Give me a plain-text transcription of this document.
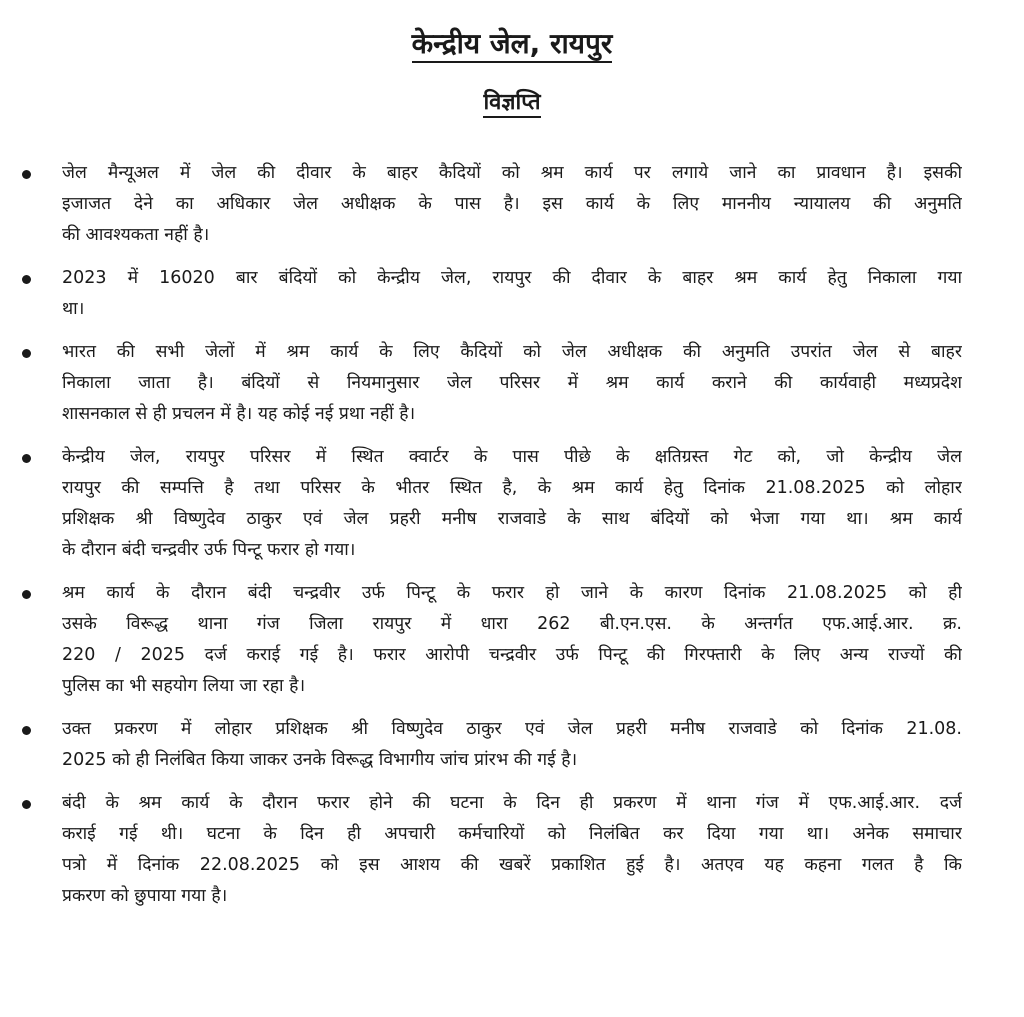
केन्द्रीय जेल, रायपुर
विज्ञप्ति
जेल मैन्यूअल में जेल की दीवार के बाहर कैदियों को श्रम कार्य पर लगाये जाने का प्रावधान है। इसकी
इजाजत देने का अधिकार जेल अधीक्षक के पास है। इस कार्य के लिए माननीय न्यायालय की अनुमति
की आवश्यकता नहीं है।
2023 में 16020 बार बंदियों को केन्द्रीय जेल, रायपुर की दीवार के बाहर श्रम कार्य हेतु निकाला गया
था।
भारत की सभी जेलों में श्रम कार्य के लिए कैदियों को जेल अधीक्षक की अनुमति उपरांत जेल से बाहर
निकाला जाता है। बंदियों से नियमानुसार जेल परिसर में श्रम कार्य कराने की कार्यवाही मध्यप्रदेश
शासनकाल से ही प्रचलन में है। यह कोई नई प्रथा नहीं है।
केन्द्रीय जेल, रायपुर परिसर में स्थित क्वार्टर के पास पीछे के क्षतिग्रस्त गेट को, जो केन्द्रीय जेल
रायपुर की सम्पत्ति है तथा परिसर के भीतर स्थित है, के श्रम कार्य हेतु दिनांक 21.08.2025 को लोहार
प्रशिक्षक श्री विष्णुदेव ठाकुर एवं जेल प्रहरी मनीष राजवाडे के साथ बंदियों को भेजा गया था। श्रम कार्य
के दौरान बंदी चन्द्रवीर उर्फ पिन्टू फरार हो गया।
श्रम कार्य के दौरान बंदी चन्द्रवीर उर्फ पिन्टू के फरार हो जाने के कारण दिनांक 21.08.2025 को ही
उसके विरूद्ध थाना गंज जिला रायपुर में धारा 262 बी.एन.एस. के अन्तर्गत एफ.आई.आर. क्र.
220 / 2025 दर्ज कराई गई है। फरार आरोपी चन्द्रवीर उर्फ पिन्टू की गिरफ्तारी के लिए अन्य राज्यों की
पुलिस का भी सहयोग लिया जा रहा है।
उक्त प्रकरण में लोहार प्रशिक्षक श्री विष्णुदेव ठाकुर एवं जेल प्रहरी मनीष राजवाडे को दिनांक 21.08.
2025 को ही निलंबित किया जाकर उनके विरूद्ध विभागीय जांच प्रांरभ की गई है।
बंदी के श्रम कार्य के दौरान फरार होने की घटना के दिन ही प्रकरण में थाना गंज में एफ.आई.आर. दर्ज
कराई गई थी। घटना के दिन ही अपचारी कर्मचारियों को निलंबित कर दिया गया था। अनेक समाचार
पत्रो में दिनांक 22.08.2025 को इस आशय की खबरें प्रकाशित हुई है। अतएव यह कहना गलत है कि
प्रकरण को छुपाया गया है।
